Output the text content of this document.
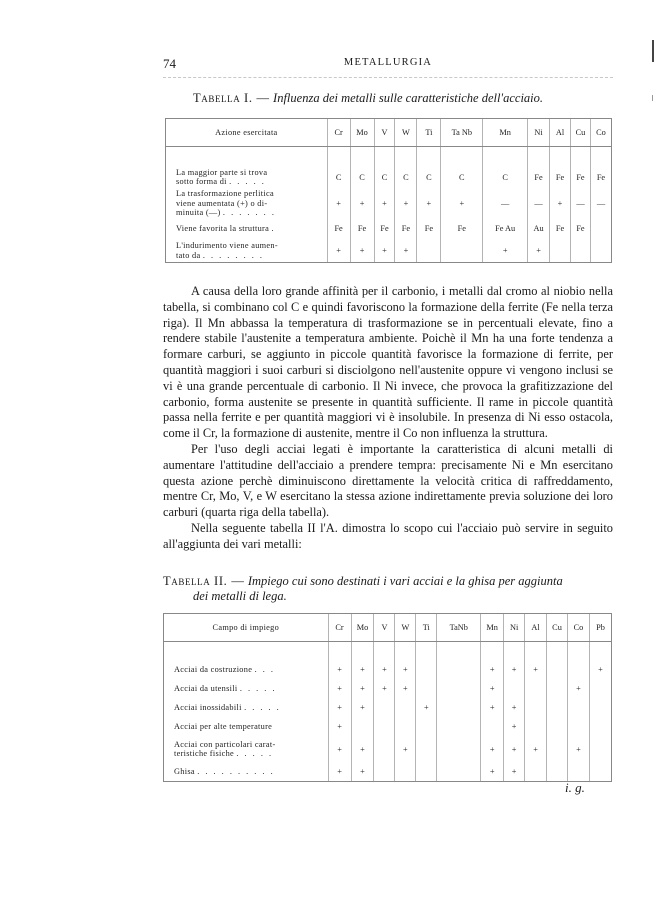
74	METALLURGIA
Tabella I. — Influenza dei metalli sulle caratteristiche dell'acciaio.
Azione esercitata	Cr	Mo	V	W	Ti	Ta Nb	Mn	Ni	Al	Cu	Co

La maggior parte si trova
sotto forma di . . . . .	C	C	C	C	C	C	C	Fe	Fe	Fe	Fe
La trasformazione perlitica
viene aumentata (+) o di-
minuita (—) . . . . . . .	+	+	+	+	+	+	—	—	+	—	—
Viene favorita la struttura .	Fe	Fe	Fe	Fe	Fe	Fe	Fe Au	Au	Fe	Fe	
L'indurimento viene aumen-
tato da . . . . . . . .	+	+	+	+			+	+			

A causa della loro grande affinità per il carbonio, i metalli dal cromo al niobio nella tabella, si combinano col C e quindi favoriscono la formazione della ferrite (Fe nella terza riga). Il Mn abbassa la temperatura di trasformazione se in percentuali elevate, fino a rendere stabile l'austenite a temperatura ambiente. Poichè il Mn ha una forte tendenza a formare carburi, se aggiunto in piccole quantità favorisce la formazione di ferrite, per quantità maggiori i suoi carburi si disciolgono nell'austenite oppure vi vengono inclusi se vi è una grande percentuale di carbonio. Il Ni invece, che provoca la grafitizzazione del carbonio, forma austenite se presente in quantità sufficiente. Il rame in piccole quantità passa nella ferrite e per quantità maggiori vi è insolubile. In presenza di Ni esso ostacola, come il Cr, la formazione di austenite, mentre il Co non influenza la struttura.

Per l'uso degli acciai legati è importante la caratteristica di alcuni metalli di aumentare l'attitudine dell'acciaio a prendere tempra: precisamente Ni e Mn esercitano questa azione perchè diminuiscono direttamente la velocità critica di raffreddamento, mentre Cr, Mo, V, e W esercitano la stessa azione indirettamente previa soluzione dei loro carburi (quarta riga della tabella).

Nella seguente tabella II l'A. dimostra lo scopo cui l'acciaio può servire in seguito all'aggiunta dei vari metalli:

Tabella II. — Impiego cui sono destinati i vari acciai e la ghisa per aggiunta
dei metalli di lega.
Campo di impiego	Cr	Mo	V	W	Ti	TaNb	Mn	Ni	Al	Cu	Co	Pb

Acciai da costruzione . . .	+	+	+	+			+	+	+			+
Acciai da utensili . . . . .	+	+	+	+			+				+	
Acciai inossidabili . . . . .	+	+			+		+	+				
Acciai per alte temperature	+							+				
Acciai con particolari carat-
teristiche fisiche . . . . .	+	+		+			+	+	+		+	
Ghisa . . . . . . . . . .	+	+					+	+				
i. g.
